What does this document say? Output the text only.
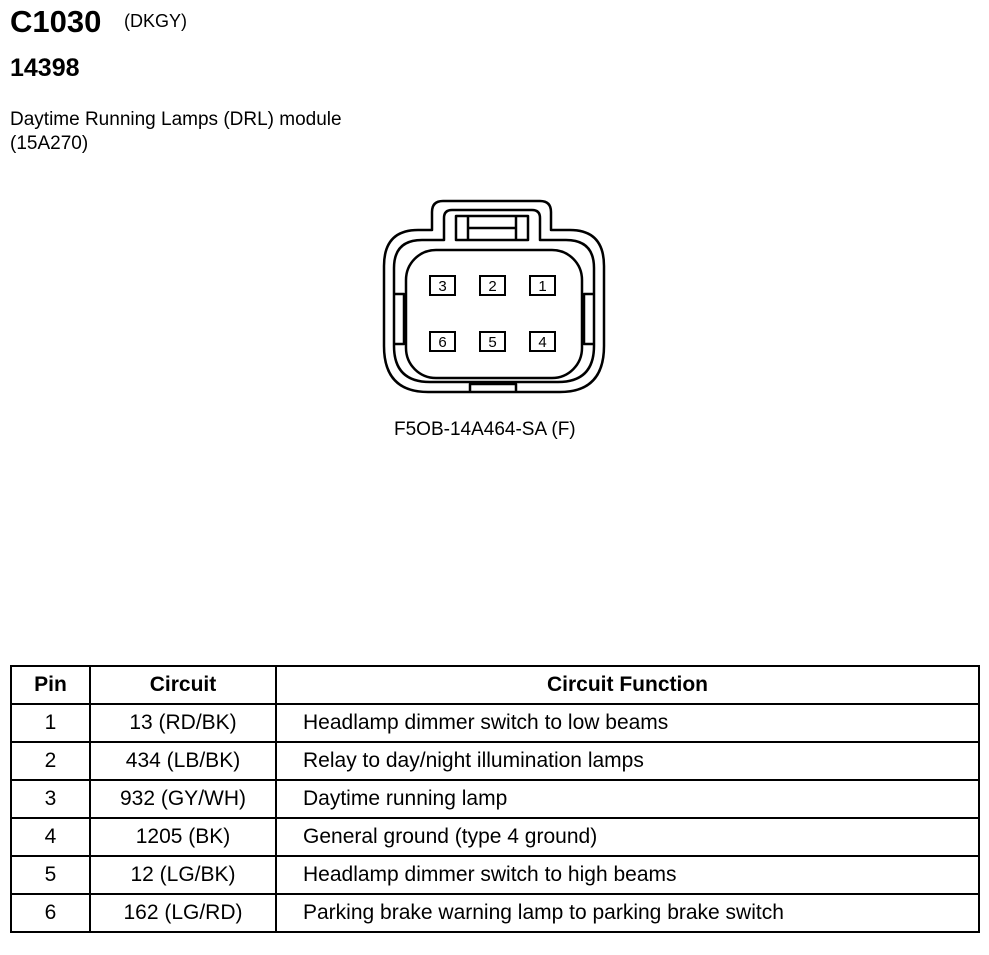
C1030 (DKGY)
14398
Daytime Running Lamps (DRL) module
(15A270)
3	2	1
6	5	4
F5OB-14A464-SA (F)
Pin	Circuit	Circuit Function
1	13 (RD/BK)	Headlamp dimmer switch to low beams
2	434 (LB/BK)	Relay to day/night illumination lamps
3	932 (GY/WH)	Daytime running lamp
4	1205 (BK)	General ground (type 4 ground)
5	12 (LG/BK)	Headlamp dimmer switch to high beams
6	162 (LG/RD)	Parking brake warning lamp to parking brake switch
